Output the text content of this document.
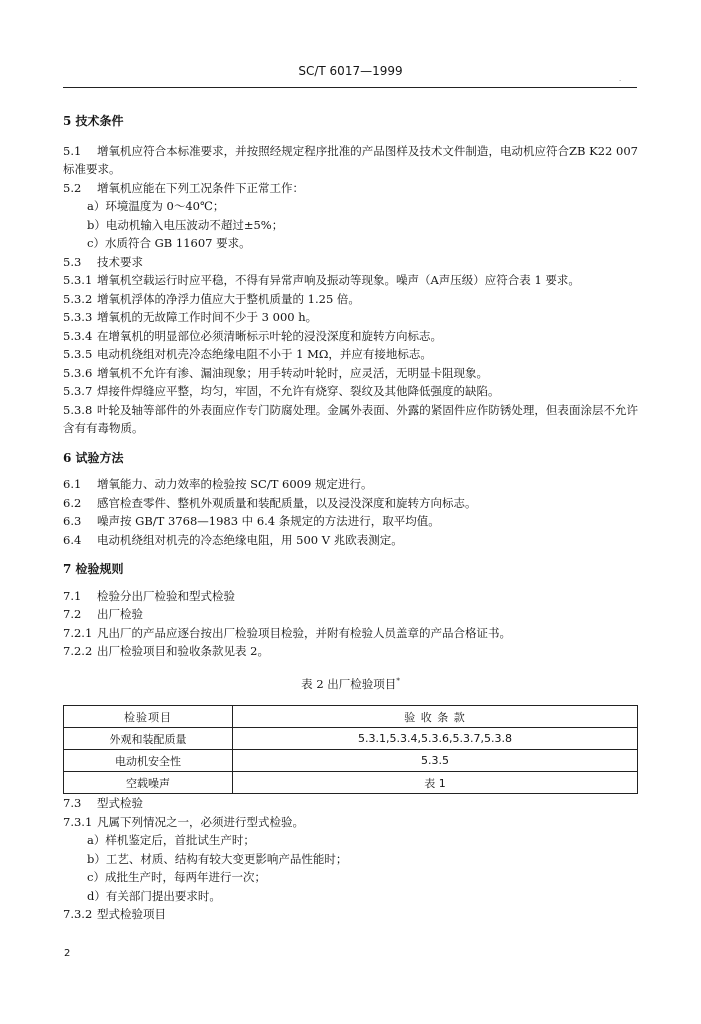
SC/T 6017—1999
·

5 技术条件

5.1 增氧机应符合本标准要求，并按照经规定程序批准的产品图样及技术文件制造，电动机应符合ZB K22 007标准要求。

5.2 增氧机应能在下列工况条件下正常工作：

a）环境温度为 0～40℃；

b）电动机输入电压波动不超过±5%；

c）水质符合 GB 11607 要求。

5.3 技术要求

5.3.1 增氧机空载运行时应平稳，不得有异常声响及振动等现象。噪声（A声压级）应符合表 1 要求。

5.3.2 增氧机浮体的净浮力值应大于整机质量的 1.25 倍。

5.3.3 增氧机的无故障工作时间不少于 3 000 h。

5.3.4 在增氧机的明显部位必须清晰标示叶轮的浸没深度和旋转方向标志。

5.3.5 电动机绕组对机壳冷态绝缘电阻不小于 1 MΩ，并应有接地标志。

5.3.6 增氧机不允许有渗、漏油现象；用手转动叶轮时，应灵活，无明显卡阻现象。

5.3.7 焊接件焊缝应平整，均匀，牢固，不允许有烧穿、裂纹及其他降低强度的缺陷。

5.3.8 叶轮及轴等部件的外表面应作专门防腐处理。金属外表面、外露的紧固件应作防锈处理，但表面涂层不允许含有有毒物质。

6 试验方法

6.1 增氧能力、动力效率的检验按 SC/T 6009 规定进行。

6.2 感官检查零件、整机外观质量和装配质量，以及浸没深度和旋转方向标志。

6.3 噪声按 GB/T 3768—1983 中 6.4 条规定的方法进行，取平均值。

6.4 电动机绕组对机壳的冷态绝缘电阻，用 500 V 兆欧表测定。

7 检验规则

7.1 检验分出厂检验和型式检验

7.2 出厂检验

7.2.1 凡出厂的产品应逐台按出厂检验项目检验，并附有检验人员盖章的产品合格证书。

7.2.2 出厂检验项目和验收条款见表 2。

表 2 出厂检验项目*

检验项目	验 收 条 款
外观和装配质量	5.3.1,5.3.4,5.3.6,5.3.7,5.3.8
电动机安全性	5.3.5
空载噪声	表 1

7.3 型式检验

7.3.1 凡属下列情况之一，必须进行型式检验。

a）样机鉴定后，首批试生产时；

b）工艺、材质、结构有较大变更影响产品性能时；

c）成批生产时，每两年进行一次；

d）有关部门提出要求时。

7.3.2 型式检验项目

2
